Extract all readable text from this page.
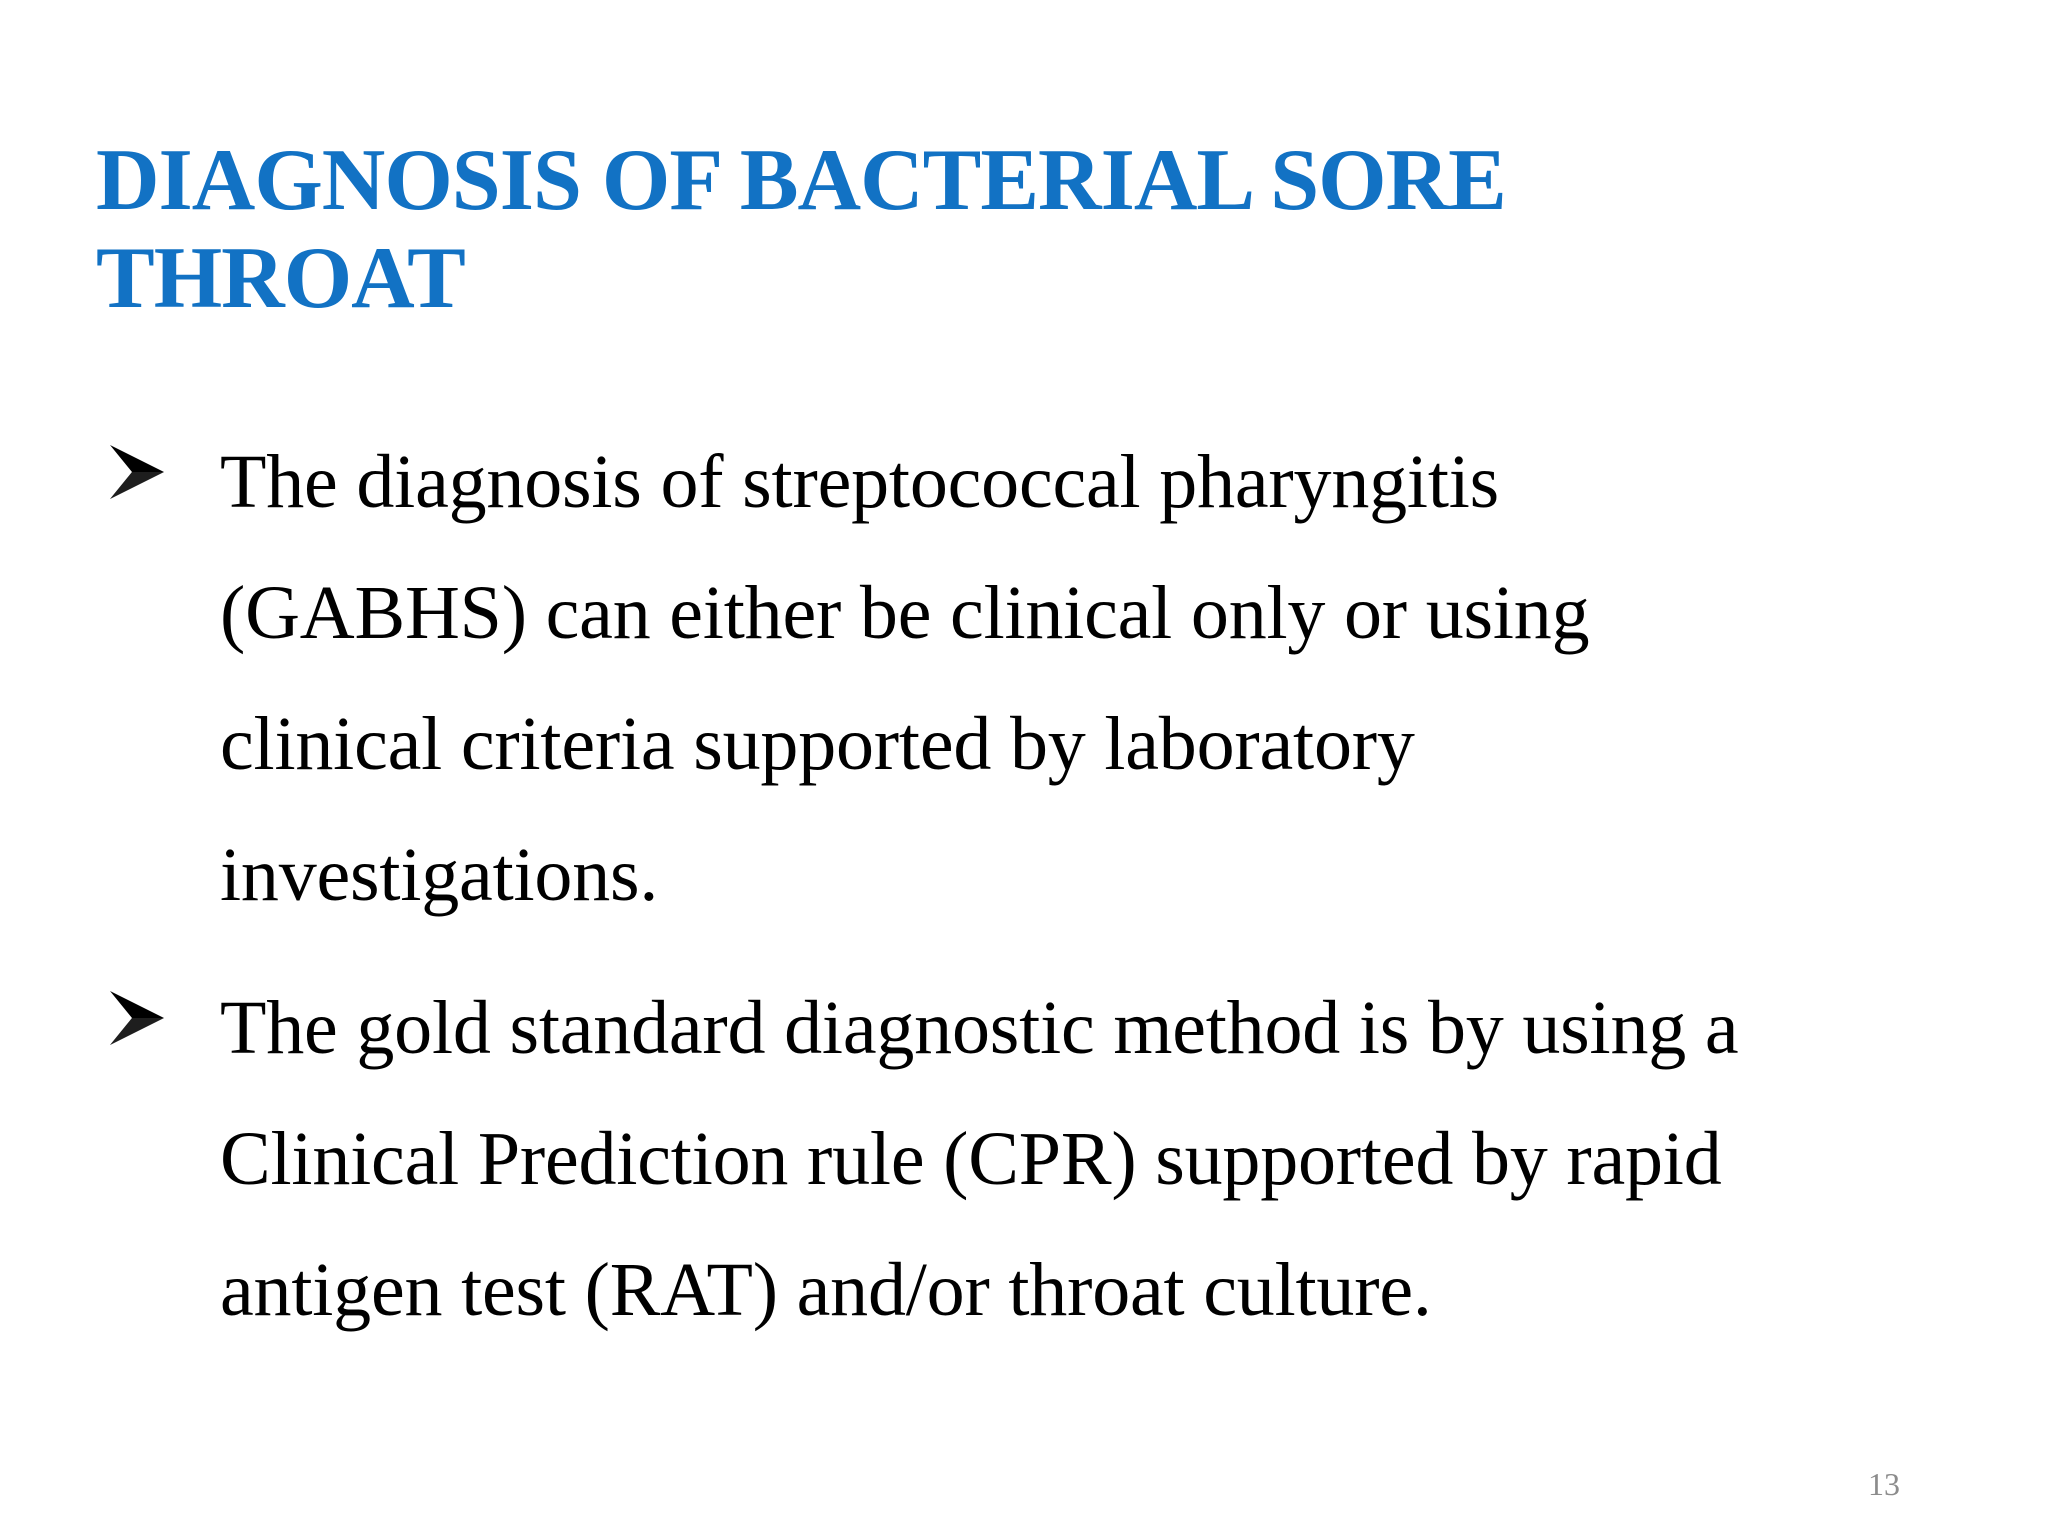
DIAGNOSIS OF BACTERIAL SORE
THROAT
The diagnosis of streptococcal pharyngitis
(GABHS) can either be clinical only or using
clinical criteria supported by laboratory
investigations.
The gold standard diagnostic method is by using a
Clinical Prediction rule (CPR) supported by rapid
antigen test (RAT) and/or throat culture.
13
